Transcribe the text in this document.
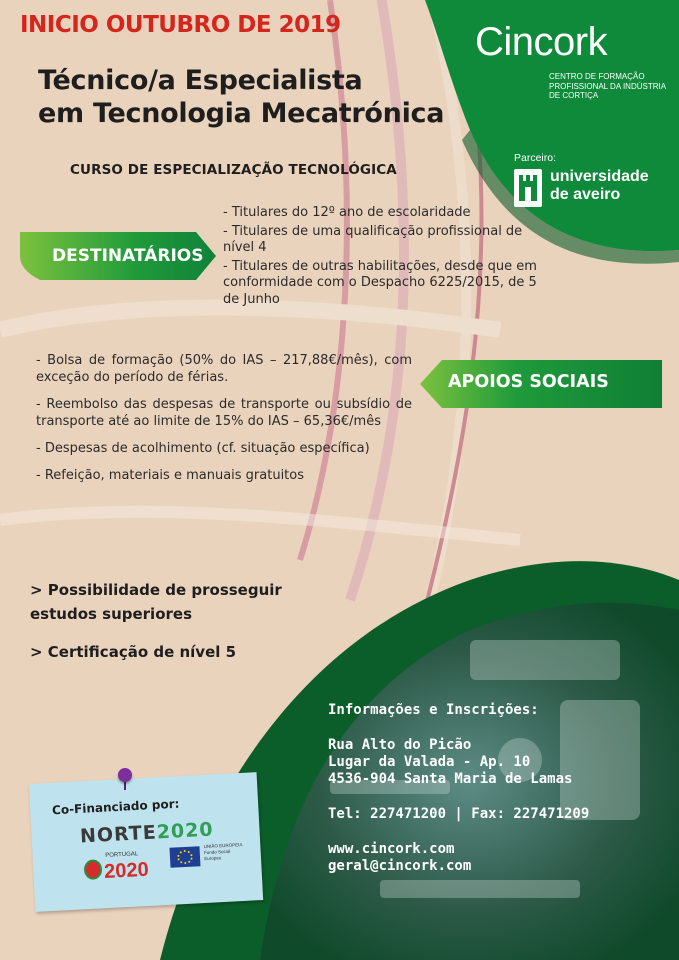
INICIO OUTUBRO DE 2019
Técnico/a Especialista
em Tecnologia Mecatrónica
CURSO DE ESPECIALIZAÇÃO TECNOLÓGICA
Cincork
CENTRO DE FORMAÇÃO
PROFISSIONAL DA INDÚSTRIA
DE CORTIÇA
Parceiro:
universidade
de aveiro
DESTINATÁRIOS
- Titulares do 12º ano de escolaridade
- Titulares de uma qualificação profissional de nível 4
- Titulares de outras habilitações, desde que em conformidade com o Despacho 6225/2015, de 5 de Junho
APOIOS SOCIAIS
- Bolsa de formação (50% do IAS – 217,88€/mês), com exceção do período de férias.
- Reembolso das despesas de transporte ou subsídio de transporte até ao limite de 15% do IAS – 65,36€/mês
- Despesas de acolhimento (cf. situação específica)
- Refeição, materiais e manuais gratuitos
> Possibilidade de prosseguir estudos superiores
> Certificação de nível 5
Informações e Inscrições:
Rua Alto do Picão
Lugar da Valada - Ap. 10
4536-904 Santa Maria de Lamas
Tel: 227471200 | Fax: 227471209
www.cincork.com
geral@cincork.com
Co-Financiado por:
NORTE2020
PORTUGAL
2020
UNIÃO EUROPEIA Fundo Social Europeu
